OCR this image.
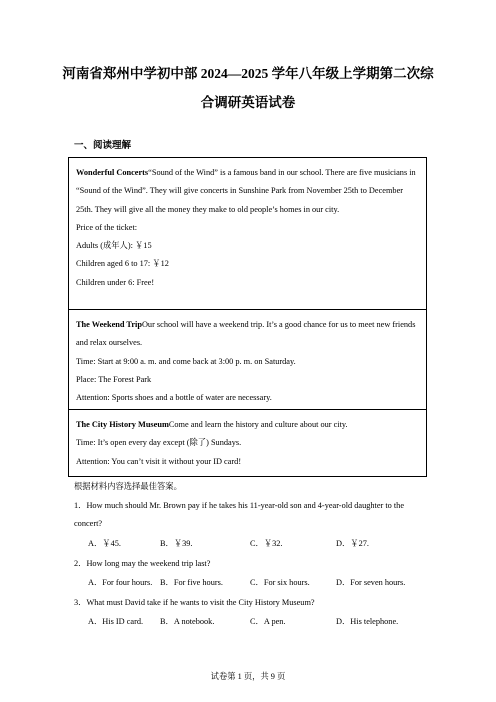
河南省郑州中学初中部 2024—2025 学年八年级上学期第二次综
合调研英语试卷
一、阅读理解

Wonderful Concerts“Sound of the Wind” is a famous band in our school. There are five musicians in “Sound of the Wind”. They will give concerts in Sunshine Park from November 25th to December 25th. They will give all the money they make to old people’s homes in our city.

Price of the ticket:

Adults (成年人): ￥15

Children aged 6 to 17: ￥12

Children under 6: Free!

The Weekend TripOur school will have a weekend trip. It’s a good chance for us to meet new friends and relax ourselves.

Time: Start at 9:00 a. m. and come back at 3:00 p. m. on Saturday.

Place: The Forest Park

Attention: Sports shoes and a bottle of water are necessary.

The City History MuseumCome and learn the history and culture about our city.

Time: It’s open every day except (除了) Sundays.

Attention: You can’t visit it without your ID card!

根据材料内容选择最佳答案。
1．How much should Mr. Brown pay if he takes his 11-year-old son and 4-year-old daughter to the concert?
A．￥45.	B．￥39.	C．￥32.	D．￥27.
2．How long may the weekend trip last?
A．For four hours. B．For five hours.	C．For six hours.	D．For seven hours.
3．What must David take if he wants to visit the City History Museum?
A．His ID card. B．A notebook.	C．A pen.	D．His telephone.
试卷第 1 页，共 9 页
